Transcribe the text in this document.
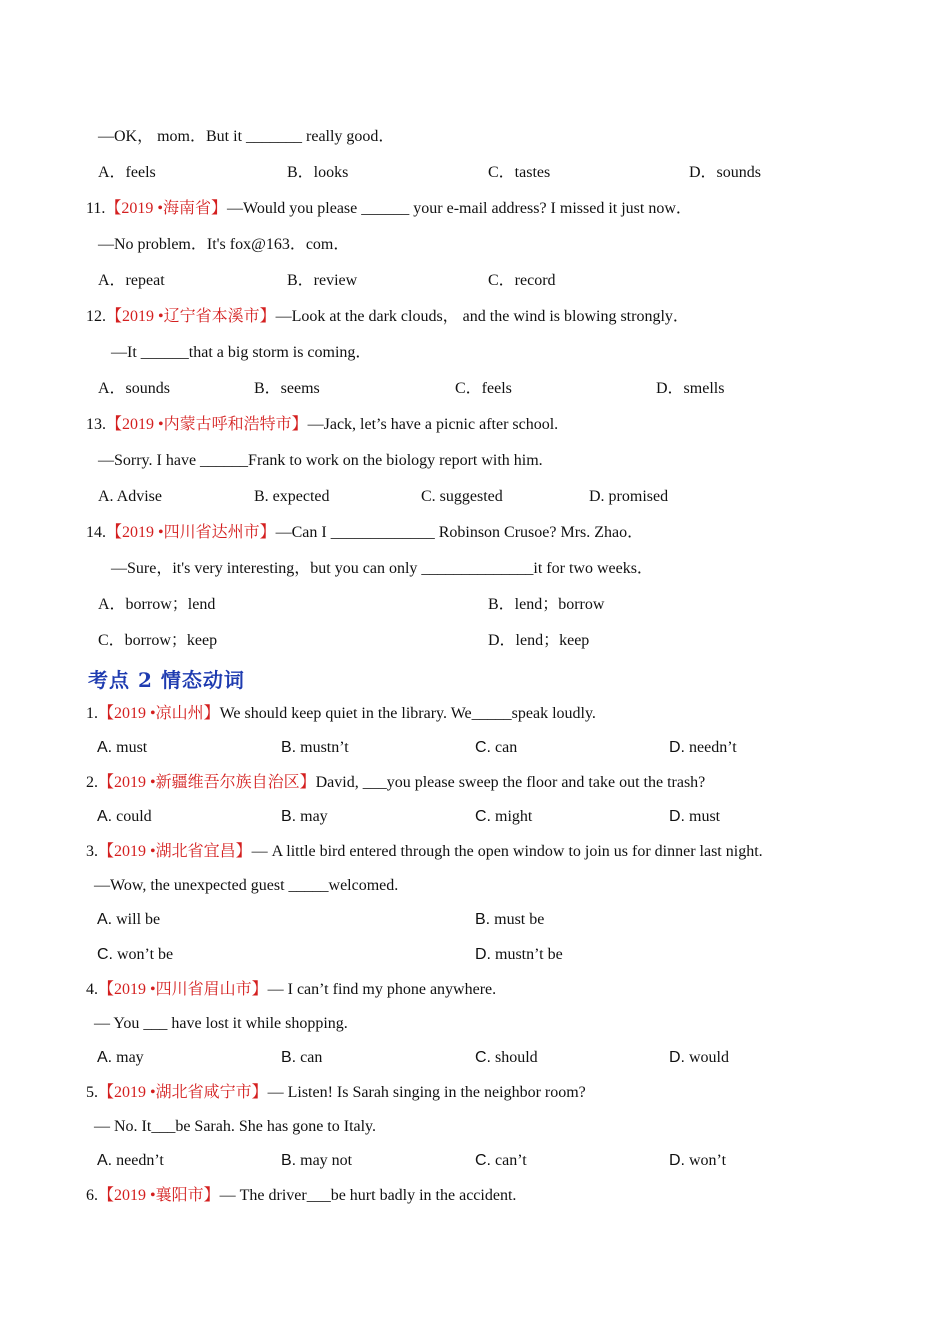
—OK， mom．But it _______ really good．
A．feels	B．looks	C．tastes	D．sounds
11.【2019 •海南省】—Would you please ______ your e-mail address? I missed it just now．
—No problem．It's fox@163．com．
A．repeat	B．review	C．record
12.【2019 •辽宁省本溪市】—Look at the dark clouds， and the wind is blowing strongly．
—It ______that a big storm is coming．
A．sounds	B．seems	C．feels	D．smells
13.【2019 •内蒙古呼和浩特市】—Jack, let’s have a picnic after school.
—Sorry. I have ______Frank to work on the biology report with him.
A. Advise	B. expected	C. suggested	D. promised
14.【2019 •四川省达州市】—Can I _____________ Robinson Crusoe? Mrs. Zhao．
—Sure，it's very interesting，but you can only ______________it for two weeks．
A．borrow；lend	B．lend；borrow
C．borrow；keep	D．lend；keep
考点 2 情态动词
1.【2019 •凉山州】We should keep quiet in the library. We_____speak loudly.
A. must	B. mustn’t	C. can	D. needn’t
2.【2019 •新疆维吾尔族自治区】David, ___you please sweep the floor and take out the trash?
A. could	B. may	C. might	D. must
3.【2019 •湖北省宜昌】— A little bird entered through the open window to join us for dinner last night.
—Wow, the unexpected guest _____welcomed.
A. will be	B. must be
C. won’t be	D. mustn’t be
4.【2019 •四川省眉山市】— I can’t find my phone anywhere.
— You ___ have lost it while shopping.
A. may	B. can	C. should	D. would
5.【2019 •湖北省咸宁市】— Listen! Is Sarah singing in the neighbor room?
— No. It___be Sarah. She has gone to Italy.
A. needn’t	B. may not	C. can’t	D. won’t
6.【2019 •襄阳市】— The driver___be hurt badly in the accident.
